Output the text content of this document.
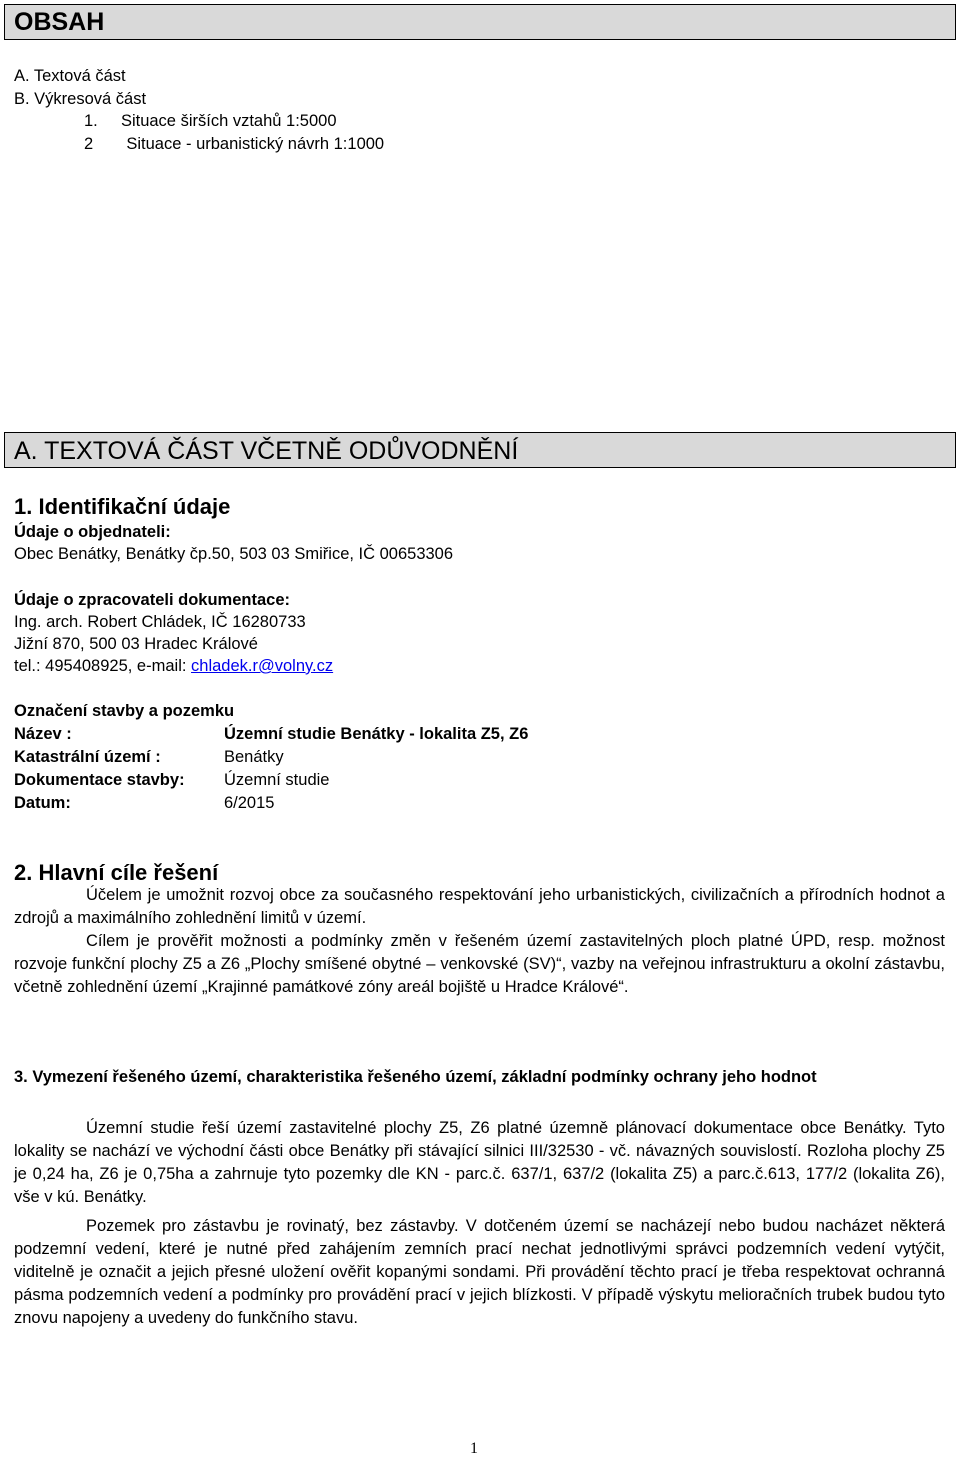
OBSAH
A. Textová část
B. Výkresová část
1. Situace širších vztahů 1:5000
2 Situace - urbanistický návrh 1:1000
A. TEXTOVÁ ČÁST VČETNĚ ODŮVODNĚNÍ
1. Identifikační údaje
Údaje o objednateli:
Obec Benátky, Benátky čp.50, 503 03 Smiřice, IČ 00653306
Údaje o zpracovateli dokumentace:
Ing. arch. Robert Chládek, IČ 16280733
Jižní 870, 500 03 Hradec Králové
tel.: 495408925, e-mail: chladek.r@volny.cz
Označení stavby a pozemku
Název :	Územní studie Benátky - lokalita Z5, Z6
Katastrální území :	Benátky
Dokumentace stavby: Územní studie
Datum:	6/2015
2. Hlavní cíle řešení

Účelem je umožnit rozvoj obce za současného respektování jeho urbanistických, civilizačních a přírodních hodnot a zdrojů a maximálního zohlednění limitů v území.

Cílem je prověřit možnosti a podmínky změn v řešeném území zastavitelných ploch platné ÚPD, resp. možnost rozvoje funkční plochy Z5 a Z6 „Plochy smíšené obytné – venkovské (SV)“, vazby na veřejnou infrastrukturu a okolní zástavbu, včetně zohlednění území „Krajinné památkové zóny areál bojiště u Hradce Králové“.

3. Vymezení řešeného území, charakteristika řešeného území, základní podmínky ochrany jeho hodnot

Územní studie řeší území zastavitelné plochy Z5, Z6 platné územně plánovací dokumentace obce Benátky. Tyto lokality se nachází ve východní části obce Benátky při stávající silnici III/32530 - vč. návazných souvislostí. Rozloha plochy Z5 je 0,24 ha, Z6 je 0,75ha a zahrnuje tyto pozemky dle KN - parc.č. 637/1, 637/2 (lokalita Z5) a parc.č.613, 177/2 (lokalita Z6), vše v kú. Benátky.

Pozemek pro zástavbu je rovinatý, bez zástavby. V dotčeném území se nacházejí nebo budou nacházet některá podzemní vedení, které je nutné před zahájením zemních prací nechat jednotlivými správci podzemních vedení vytýčit, viditelně je označit a jejich přesné uložení ověřit kopanými sondami. Při provádění těchto prací je třeba respektovat ochranná pásma podzemních vedení a podmínky pro provádění prací v jejich blízkosti. V případě výskytu melioračních trubek budou tyto znovu napojeny a uvedeny do funkčního stavu.

1
